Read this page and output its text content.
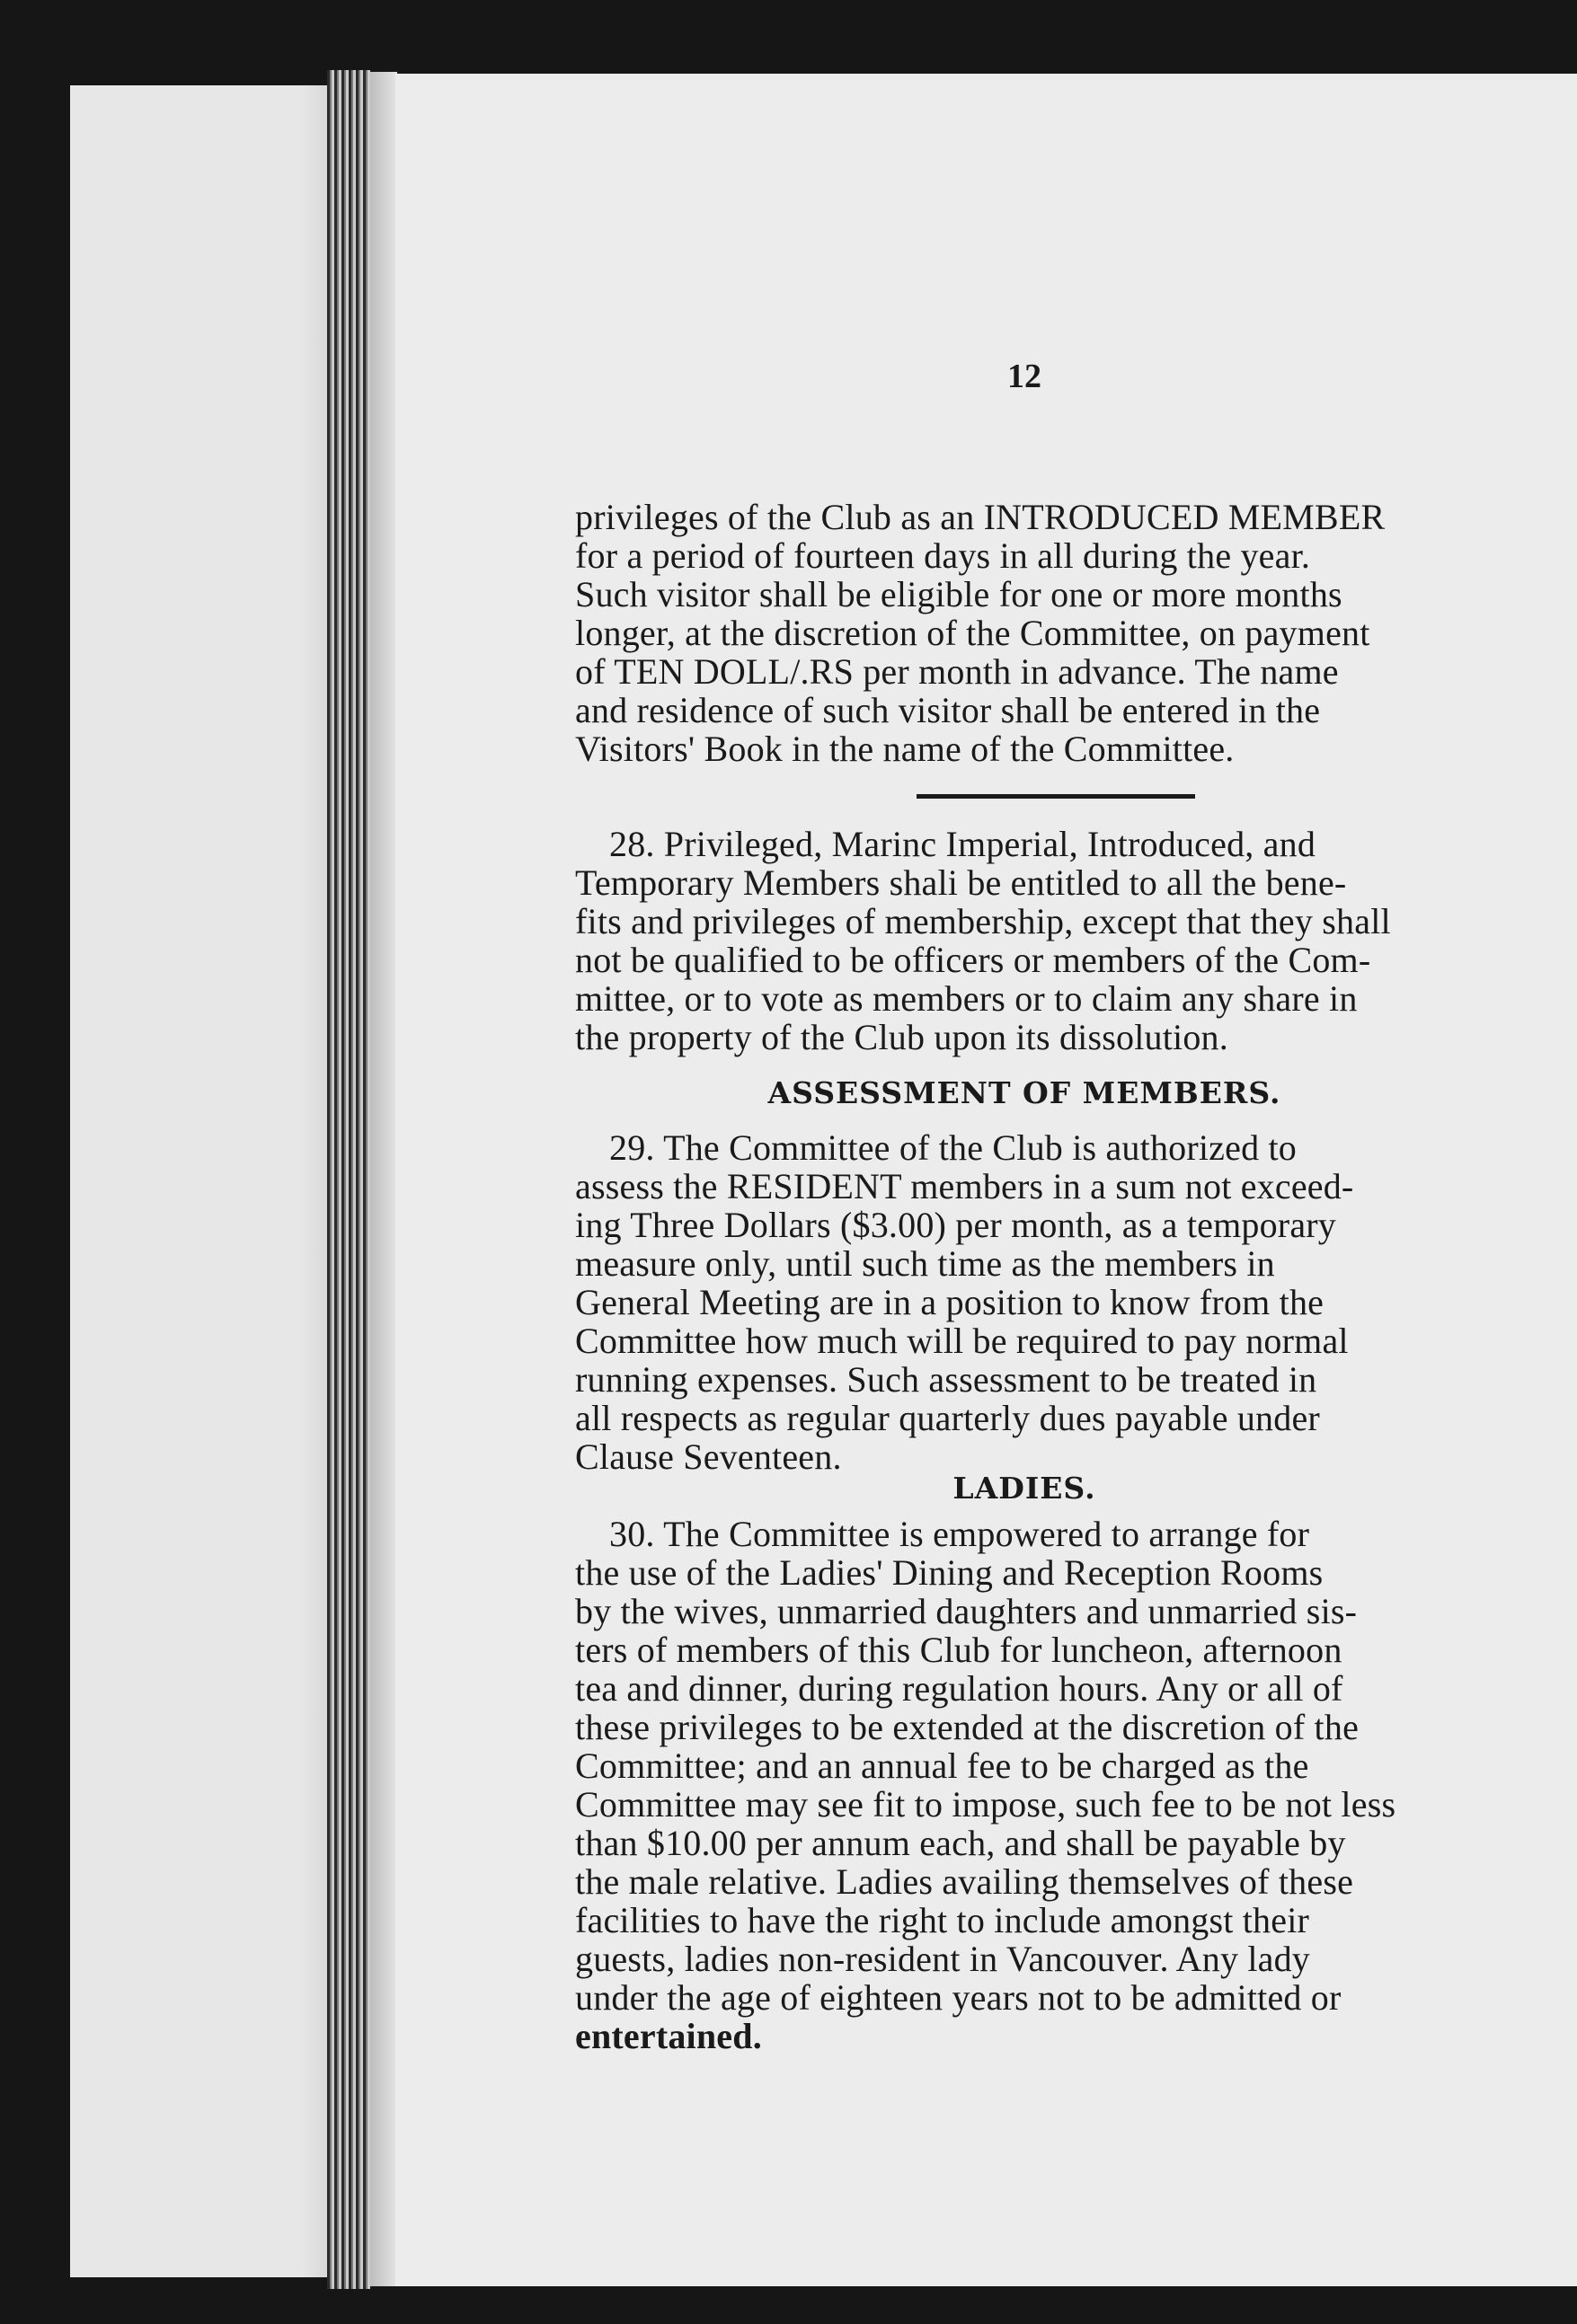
12

privileges of the Club as an INTRODUCED MEMBER
for a period of fourteen days in all during the year.
Such visitor shall be eligible for one or more months
longer, at the discretion of the Committee, on payment
of TEN DOLL/.RS per month in advance. The name
and residence of such visitor shall be entered in the
Visitors' Book in the name of the Committee.

28. Privileged, Marinc Imperial, Introduced, and
Temporary Members shali be entitled to all the bene-
fits and privileges of membership, except that they shall
not be qualified to be officers or members of the Com-
mittee, or to vote as members or to claim any share in
the property of the Club upon its dissolution.

ASSESSMENT OF MEMBERS.

29. The Committee of the Club is authorized to
assess the RESIDENT members in a sum not exceed-
ing Three Dollars ($3.00) per month, as a temporary
measure only, until such time as the members in
General Meeting are in a position to know from the
Committee how much will be required to pay normal
running expenses. Such assessment to be treated in
all respects as regular quarterly dues payable under
Clause Seventeen.

LADIES.

30. The Committee is empowered to arrange for
the use of the Ladies' Dining and Reception Rooms
by the wives, unmarried daughters and unmarried sis-
ters of members of this Club for luncheon, afternoon
tea and dinner, during regulation hours. Any or all of
these privileges to be extended at the discretion of the
Committee; and an annual fee to be charged as the
Committee may see fit to impose, such fee to be not less
than $10.00 per annum each, and shall be payable by
the male relative. Ladies availing themselves of these
facilities to have the right to include amongst their
guests, ladies non-resident in Vancouver. Any lady
under the age of eighteen years not to be admitted or
entertained.
